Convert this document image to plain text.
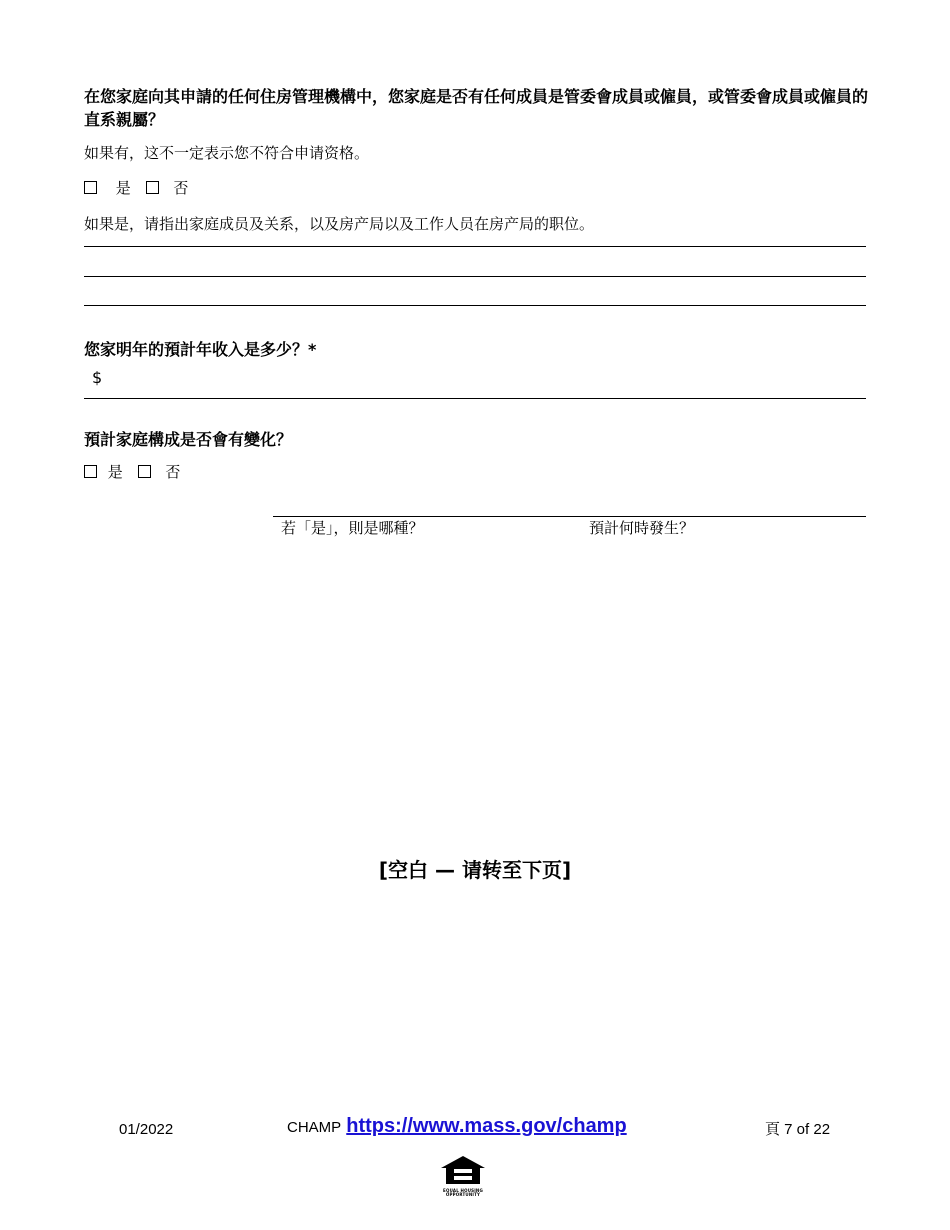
在您家庭向其申請的任何住房管理機構中，您家庭是否有任何成員是管委會成員或僱員，或管委會成員或僱員的直系親屬？
如果有，这不一定表示您不符合申请资格。
是	否
如果是，请指出家庭成员及关系，以及房产局以及工作人员在房产局的职位。
您家明年的預計年收入是多少？*
$
預計家庭構成是否會有變化？
是	否
若「是」，則是哪種？	預計何時發生？
[空白 — 请转至下页]
01/2022	CHAMP https://www.mass.gov/champ	頁 7 of 22
EQUAL HOUSING
OPPORTUNITY
